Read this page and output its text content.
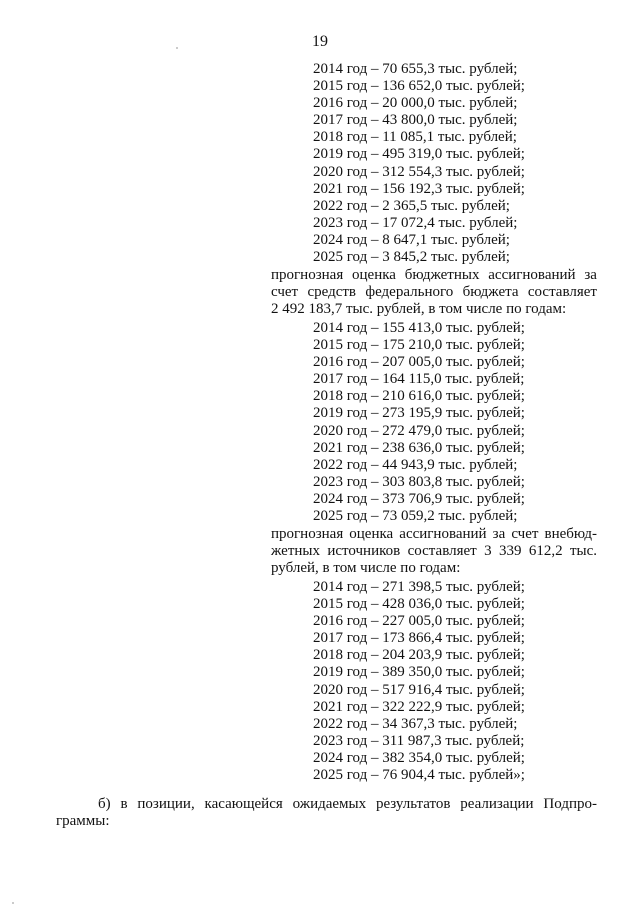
19
2014 год – 70 655,3 тыс. рублей;
2015 год – 136 652,0 тыс. рублей;
2016 год – 20 000,0 тыс. рублей;
2017 год – 43 800,0 тыс. рублей;
2018 год – 11 085,1 тыс. рублей;
2019 год – 495 319,0 тыс. рублей;
2020 год – 312 554,3 тыс. рублей;
2021 год – 156 192,3 тыс. рублей;
2022 год – 2 365,5 тыс. рублей;
2023 год – 17 072,4 тыс. рублей;
2024 год – 8 647,1 тыс. рублей;
2025 год – 3 845,2 тыс. рублей;
прогнозная оценка бюджетных ассигнований за
счет средств федерального бюджета составляет
2 492 183,7 тыс. рублей, в том числе по годам:
2014 год – 155 413,0 тыс. рублей;
2015 год – 175 210,0 тыс. рублей;
2016 год – 207 005,0 тыс. рублей;
2017 год – 164 115,0 тыс. рублей;
2018 год – 210 616,0 тыс. рублей;
2019 год – 273 195,9 тыс. рублей;
2020 год – 272 479,0 тыс. рублей;
2021 год – 238 636,0 тыс. рублей;
2022 год – 44 943,9 тыс. рублей;
2023 год – 303 803,8 тыс. рублей;
2024 год – 373 706,9 тыс. рублей;
2025 год – 73 059,2 тыс. рублей;
прогнозная оценка ассигнований за счет внебюд-
жетных источников составляет 3 339 612,2 тыс.
рублей, в том числе по годам:
2014 год – 271 398,5 тыс. рублей;
2015 год – 428 036,0 тыс. рублей;
2016 год – 227 005,0 тыс. рублей;
2017 год – 173 866,4 тыс. рублей;
2018 год – 204 203,9 тыс. рублей;
2019 год – 389 350,0 тыс. рублей;
2020 год – 517 916,4 тыс. рублей;
2021 год – 322 222,9 тыс. рублей;
2022 год – 34 367,3 тыс. рублей;
2023 год – 311 987,3 тыс. рублей;
2024 год – 382 354,0 тыс. рублей;
2025 год – 76 904,4 тыс. рублей»;
б) в позиции, касающейся ожидаемых результатов реализации Подпро-
граммы:
